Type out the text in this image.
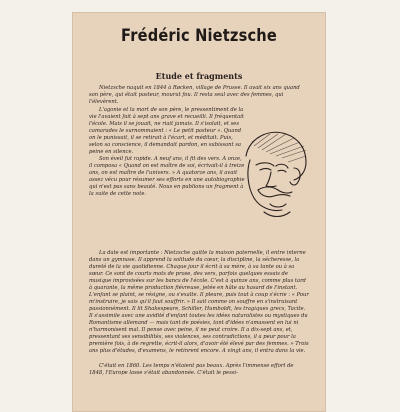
Frédéric Nietzsche
Etude et fragments
Nietzsche naquit en 1844 à Røcken, village de Prusse. Il avait six ans quand son père, qui était pasteur, mourut fou. Il resta seul avec des femmes, qui l'élevèrent.
L'agonie et la mort de son père, le pressentiment de la vie l'avaient fait à sept ans grave et recueilli. Il fréquentait l'école. Mais il se jouait, ne riait jamais. Il s'isolait, et ses camarades le surnommaient : « Le petit pasteur ». Quand on le punissait, il se retirait à l'écart, et méditait. Puis, selon sa conscience, il demandait pardon, en subissant sa peine en silence.
Son éveil fut rapide. A neuf ans, il fit des vers. A onze, il composa « Quand on est maître de soi, écrivait-il à treize ans, on est maître de l'univers. » A quatorze ans, il avait assez vécu pour résumer ses efforts en une autobiographie qui n'est pas sans beauté. Nous en publions un fragment à la suite de cette note.
La date est importante : Nietzsche quitte la maison paternelle, il entre interne dans un gymnase. Il apprend la solitude du cœur, la discipline, la sécheresse, la dureté de la vie quotidienne. Chaque jour il écrit à sa mère, à sa tante ou à sa sœur. Ce sont de courts mots de prose, des vers, parfois quelques essais de musique improvisées sur les bancs de l'école. C'est à quinze ans, comme plus tard à quarante, la même production fiévreuse, jetée en hâte au hasard de l'instant. L'enfant se plaint, se résigne, ou s'exalte. Il pleure, puis tout à coup s'écrie : « Pour m'instruire, je sais qu'il faut souffrir. » Il sait comme on souffre en s'instruisant passionnément. Il lit Shakespeare, Schiller, Humboldt, les tragiques grecs, Tacite. Il s'assimile avec une avidité d'enfant toutes les idées naturalistes ou mystiques du Romantisme allemand — mais tant de poésies, tant d'idées n'amassent en lui ni n'harmonisent mal. Il pense avec peine, il ne peut croire. Il a dix-sept ans, et, pressentant ses sensibilités, ses violences, ses contradictions, il a peur pour la première fois, à de regrette, écrit-il alors, d'avoir été élevé par des femmes. » Trois ans plus d'études, d'examens, le retinrent encore. A vingt ans, il entra dans la vie.
C'était en 1860. Les temps n'étaient pas beaux. Après l'immense effort de 1848, l'Europe lasse s'était abandonnée. C'était le pessi-
